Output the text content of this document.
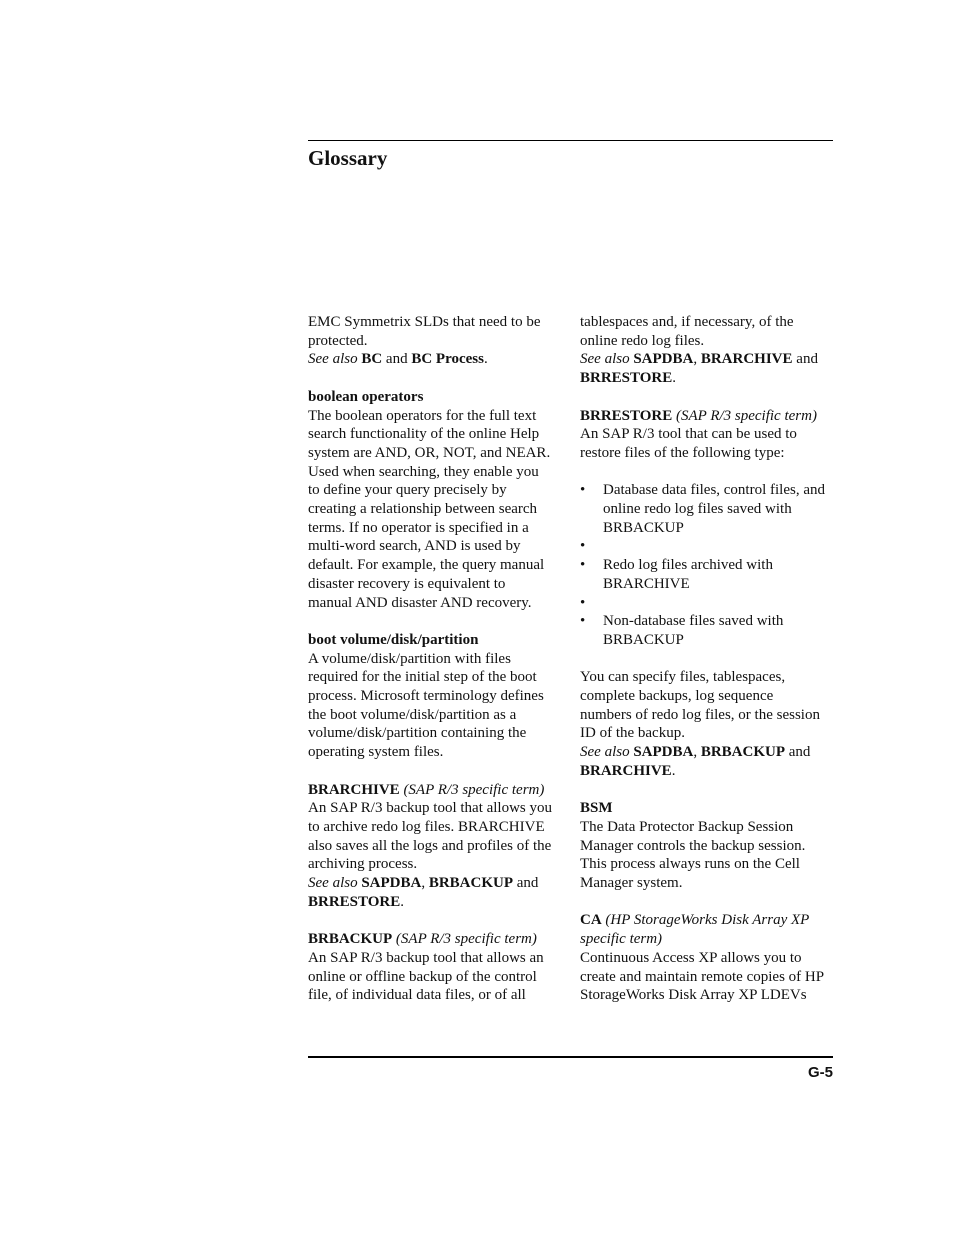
Glossary

EMC Symmetrix SLDs that need to be

protected.

See also BC and BC Process.

boolean operators

The boolean operators for the full text

search functionality of the online Help

system are AND, OR, NOT, and NEAR.

Used when searching, they enable you

to define your query precisely by

creating a relationship between search

terms. If no operator is specified in a

multi-word search, AND is used by

default. For example, the query manual

disaster recovery is equivalent to

manual AND disaster AND recovery.

boot volume/disk/partition

A volume/disk/partition with files

required for the initial step of the boot

process. Microsoft terminology defines

the boot volume/disk/partition as a

volume/disk/partition containing the

operating system files.

BRARCHIVE (SAP R/3 specific term)

An SAP R/3 backup tool that allows you

to archive redo log files. BRARCHIVE

also saves all the logs and profiles of the

archiving process.

See also SAPDBA, BRBACKUP and

BRRESTORE.

BRBACKUP (SAP R/3 specific term)

An SAP R/3 backup tool that allows an

online or offline backup of the control

file, of individual data files, or of all

tablespaces and, if necessary, of the

online redo log files.

See also SAPDBA, BRARCHIVE and

BRRESTORE.

BRRESTORE (SAP R/3 specific term)

An SAP R/3 tool that can be used to

restore files of the following type:

• Database data files, control files, and
online redo log files saved with
BRBACKUP
•
• Redo log files archived with
BRARCHIVE
•
• Non-database files saved with
BRBACKUP

You can specify files, tablespaces,

complete backups, log sequence

numbers of redo log files, or the session

ID of the backup.

See also SAPDBA, BRBACKUP and

BRARCHIVE.

BSM

The Data Protector Backup Session

Manager controls the backup session.

This process always runs on the Cell

Manager system.

CA (HP StorageWorks Disk Array XP

specific term)

Continuous Access XP allows you to

create and maintain remote copies of HP

StorageWorks Disk Array XP LDEVs

G-5
